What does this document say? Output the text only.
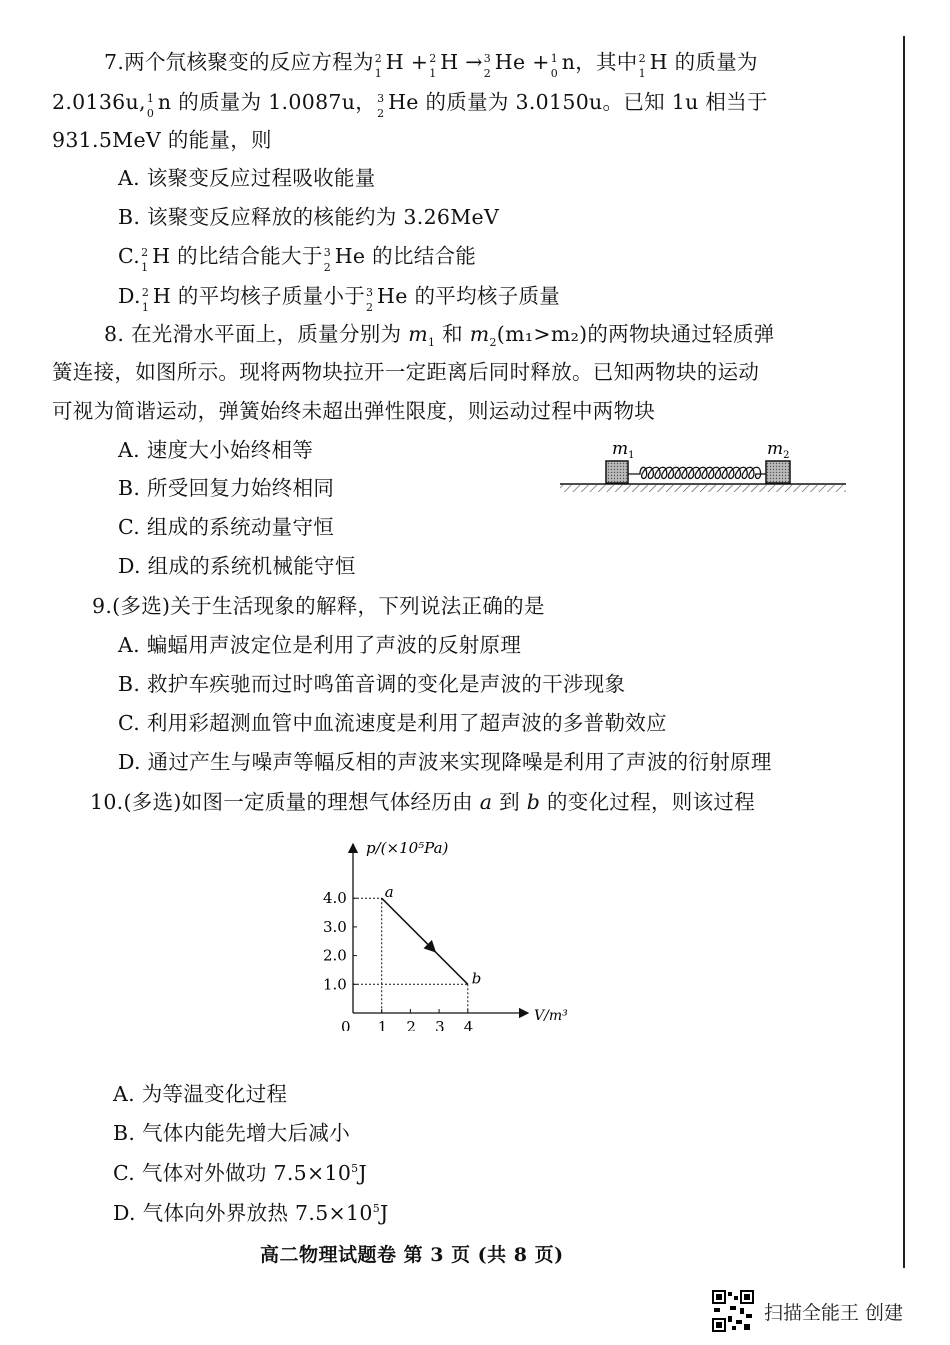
7.两个氘核聚变的反应方程为 2
1 H + 2
1 H → 3
2 He + 1
0 n，其中 2
1 H 的质量为
2.0136u, 1
0 n 的质量为 1.0087u， 3
2 He 的质量为 3.0150u。已知 1u 相当于
931.5MeV 的能量，则
A. 该聚变反应过程吸收能量
B. 该聚变反应释放的核能约为 3.26MeV
C. 2
1 H 的比结合能大于 3
2 He 的比结合能
D. 2
1 H 的平均核子质量小于 3
2 He 的平均核子质量
8. 在光滑水平面上，质量分别为 $m_1$ 和 $m_2(m_1>m_2)$的两物块通过轻质弹
簧连接，如图所示。现将两物块拉开一定距离后同时释放。已知两物块的运动
可视为简谐运动，弹簧始终未超出弹性限度，则运动过程中两物块
A. 速度大小始终相等
B. 所受回复力始终相同
C. 组成的系统动量守恒
D. 组成的系统机械能守恒
$m_1$	$m_2$
9.(多选)关于生活现象的解释，下列说法正确的是
A. 蝙蝠用声波定位是利用了声波的反射原理
B. 救护车疾驰而过时鸣笛音调的变化是声波的干涉现象
C. 利用彩超测血管中血流速度是利用了超声波的多普勒效应
D. 通过产生与噪声等幅反相的声波来实现降噪是利用了声波的衍射原理
10.(多选)如图一定质量的理想气体经历由 a 到 b 的变化过程，则该过程
p/(×10⁵Pa)
V/m³
0 1 2 3 4
1.0
2.0
3.0
4.0	a
b
A. 为等温变化过程
B. 气体内能先增大后减小
C. 气体对外做功 $7.5\times 10^5J$
D. 气体向外界放热 $7.5\times 10^5J$
高二物理试题卷 第 3 页 (共 8 页)
扫描全能王 创建
